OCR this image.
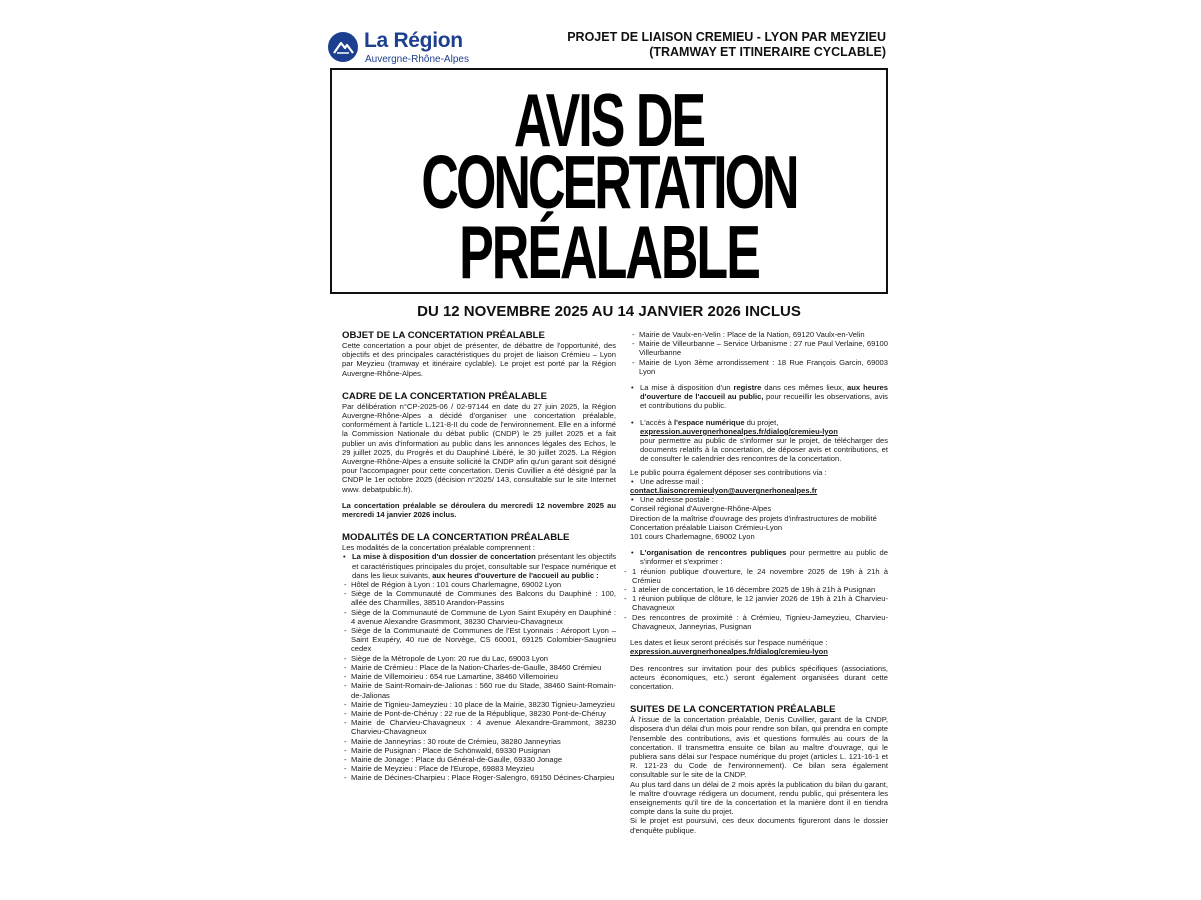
La Région
Auvergne-Rhône-Alpes
PROJET DE LIAISON CREMIEU - LYON PAR MEYZIEU
(TRAMWAY ET ITINERAIRE CYCLABLE)
AVIS DE
CONCERTATION
PRÉALABLE
DU 12 NOVEMBRE 2025 AU 14 JANVIER 2026 INCLUS
OBJET DE LA CONCERTATION PRÉALABLE
Cette concertation a pour objet de présenter, de débattre de l'opportunité, des objectifs et des principales caractéristiques du projet de liaison Crémieu – Lyon par Meyzieu (tramway et itinéraire cyclable). Le projet est porté par la Région Auvergne-Rhône-Alpes.
CADRE DE LA CONCERTATION PRÉALABLE
Par délibération n°CP-2025-06 / 02-97144 en date du 27 juin 2025, la Région Auvergne-Rhône-Alpes a décidé d'organiser une concertation préalable, conformément à l'article L.121-8-II du code de l'environnement. Elle en a informé la Commission Nationale du débat public (CNDP) le 25 juillet 2025 et a fait publier un avis d'information au public dans les annonces légales des Echos, le 29 juillet 2025, du Progrès et du Dauphiné Libéré, le 30 juillet 2025. La Région Auvergne-Rhône-Alpes a ensuite sollicité la CNDP afin qu'un garant soit désigné pour l'accompagner pour cette concertation. Denis Cuvillier a été désigné par la CNDP le 1er octobre 2025 (décision n°2025/ 143, consultable sur le site Internet www. debatpublic.fr).
La concertation préalable se déroulera du mercredi 12 novembre 2025 au mercredi 14 janvier 2026 inclus.
MODALITÉS DE LA CONCERTATION PRÉALABLE
Les modalités de la concertation préalable comprennent :
• La mise à disposition d'un dossier de concertation présentant les objectifs et caractéristiques principales du projet, consultable sur l'espace numérique et dans les lieux suivants, aux heures d'ouverture de l'accueil au public :
- Hôtel de Région à Lyon : 101 cours Charlemagne, 69002 Lyon
- Siège de la Communauté de Communes des Balcons du Dauphiné : 100, allée des Charmilles, 38510 Arandon-Passins
- Siège de la Communauté de Commune de Lyon Saint Exupéry en Dauphiné : 4 avenue Alexandre Grasmmont, 38230 Charvieu-Chavagneux
- Siège de la Communauté de Communes de l'Est Lyonnais : Aéroport Lyon – Saint Exupéry, 40 rue de Norvège, CS 60001, 69125 Colombier-Saugnieu cedex
- Siège de la Métropole de Lyon: 20 rue du Lac, 69003 Lyon
- Mairie de Crémieu : Place de la Nation-Charles-de-Gaulle, 38460 Crémieu
- Mairie de Villemoirieu : 654 rue Lamartine, 38460 Villemoirieu
- Mairie de Saint-Romain-de-Jalionas : 560 rue du Stade, 38460 Saint-Romain-de-Jalionas
- Mairie de Tignieu-Jameyzieu : 10 place de la Mairie, 38230 Tignieu-Jameyzieu
- Mairie de Pont-de-Chéruy : 22 rue de la République, 38230 Pont-de-Chéruy
- Mairie de Charvieu-Chavagneux : 4 avenue Alexandre-Grammont, 38230 Charvieu-Chavagneux
- Mairie de Janneyrias : 30 route de Crémieu, 38280 Janneyrias
- Mairie de Pusignan : Place de Schönwald, 69330 Pusignan
- Mairie de Jonage : Place du Général-de-Gaulle, 69330 Jonage
- Mairie de Meyzieu : Place de l'Europe, 69883 Meyzieu
- Mairie de Décines-Charpieu : Place Roger-Salengro, 69150 Décines-Charpieu
- Mairie de Vaulx-en-Velin : Place de la Nation, 69120 Vaulx-en-Velin
- Mairie de Villeurbanne – Service Urbanisme : 27 rue Paul Verlaine, 69100 Villeurbanne
- Mairie de Lyon 3ème arrondissement : 18 Rue François Garcin, 69003 Lyon
• La mise à disposition d'un registre dans ces mêmes lieux, aux heures d'ouverture de l'accueil au public, pour recueillir les observations, avis et contributions du public.
• L'accès à l'espace numérique du projet,
expression.auvergnerhonealpes.fr/dialog/cremieu-lyon
pour permettre au public de s'informer sur le projet, de télécharger des documents relatifs à la concertation, de déposer avis et contributions, et de consulter le calendrier des rencontres de la concertation.
Le public pourra également déposer ses contributions via :
• Une adresse mail :
contact.liaisoncremieulyon@auvergnerhonealpes.fr
• Une adresse postale :
Conseil régional d'Auvergne-Rhône-Alpes
Direction de la maîtrise d'ouvrage des projets d'infrastructures de mobilité
Concertation préalable Liaison Crémieu-Lyon
101 cours Charlemagne, 69002 Lyon
• L'organisation de rencontres publiques pour permettre au public de s'informer et s'exprimer :
- 1 réunion publique d'ouverture, le 24 novembre 2025 de 19h à 21h à Crémieu
- 1 atelier de concertation, le 16 décembre 2025 de 19h à 21h à Pusignan
- 1 réunion publique de clôture, le 12 janvier 2026 de 19h à 21h à Charvieu-Chavagneux
- Des rencontres de proximité : à Crémieu, Tignieu-Jameyzieu, Charvieu-Chavagneux, Janneyrias, Pusignan
Les dates et lieux seront précisés sur l'espace numérique :
expression.auvergnerhonealpes.fr/dialog/cremieu-lyon
Des rencontres sur invitation pour des publics spécifiques (associations, acteurs économiques, etc.) seront également organisées durant cette concertation.
SUITES DE LA CONCERTATION PRÉALABLE
À l'issue de la concertation préalable, Denis Cuvillier, garant de la CNDP, disposera d'un délai d'un mois pour rendre son bilan, qui prendra en compte l'ensemble des contributions, avis et questions formulés au cours de la concertation. Il transmettra ensuite ce bilan au maître d'ouvrage, qui le publiera sans délai sur l'espace numérique du projet (articles L. 121-16-1 et R. 121-23 du Code de l'environnement). Ce bilan sera également consultable sur le site de la CNDP.
Au plus tard dans un délai de 2 mois après la publication du bilan du garant, le maître d'ouvrage rédigera un document, rendu public, qui présentera les enseignements qu'il tire de la concertation et la manière dont il en tiendra compte dans la suite du projet.
Si le projet est poursuivi, ces deux documents figureront dans le dossier d'enquête publique.
